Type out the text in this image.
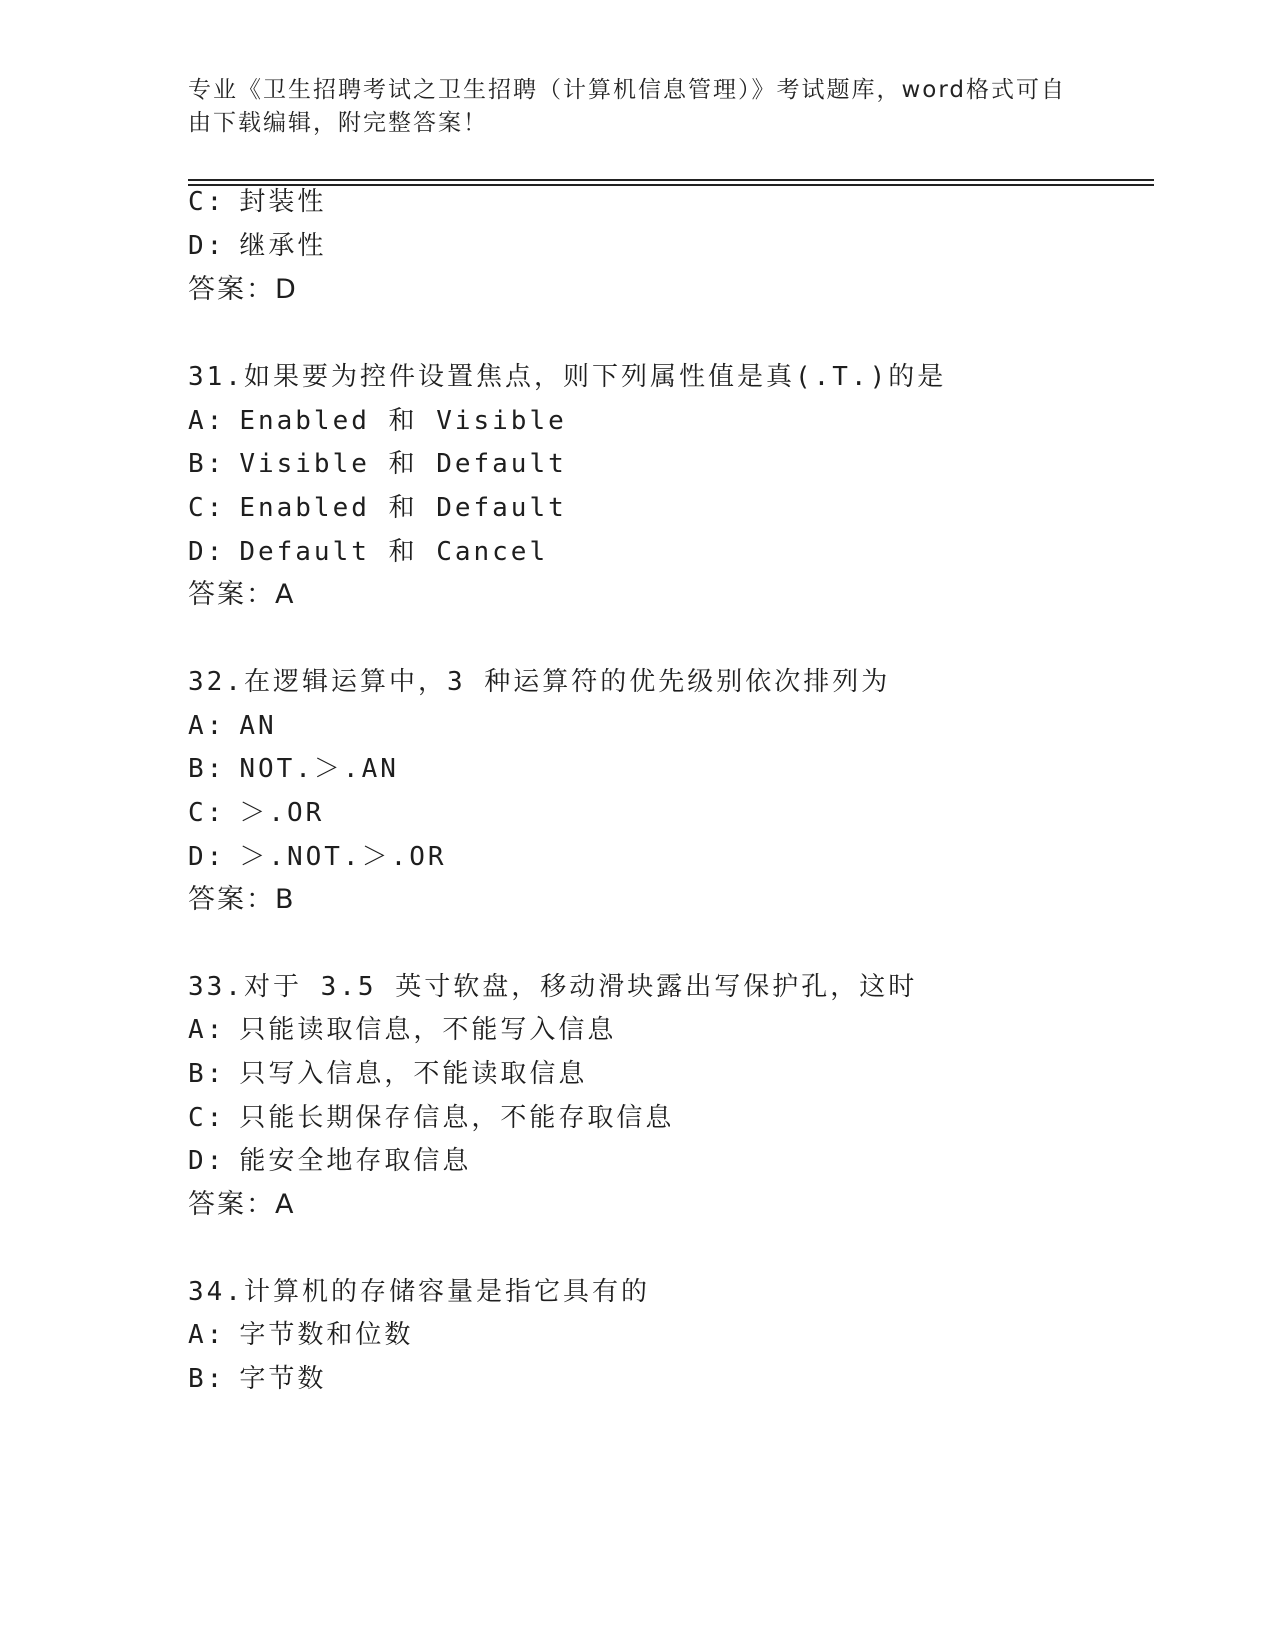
专业《卫生招聘考试之卫生招聘（计算机信息管理）》考试题库，word格式可自
由下载编辑，附完整答案！
C: 封装性
D: 继承性
答案：D
31.如果要为控件设置焦点，则下列属性值是真(.T.)的是
A: Enabled 和 Visible
B: Visible 和 Default
C: Enabled 和 Default
D: Default 和 Cancel
答案：A
32.在逻辑运算中，3 种运算符的优先级别依次排列为
A: AN
B: NOT.＞.AN
C: ＞.OR
D: ＞.NOT.＞.OR
答案：B
33.对于 3.5 英寸软盘，移动滑块露出写保护孔，这时
A: 只能读取信息，不能写入信息
B: 只写入信息，不能读取信息
C: 只能长期保存信息，不能存取信息
D: 能安全地存取信息
答案：A
34.计算机的存储容量是指它具有的
A: 字节数和位数
B: 字节数
